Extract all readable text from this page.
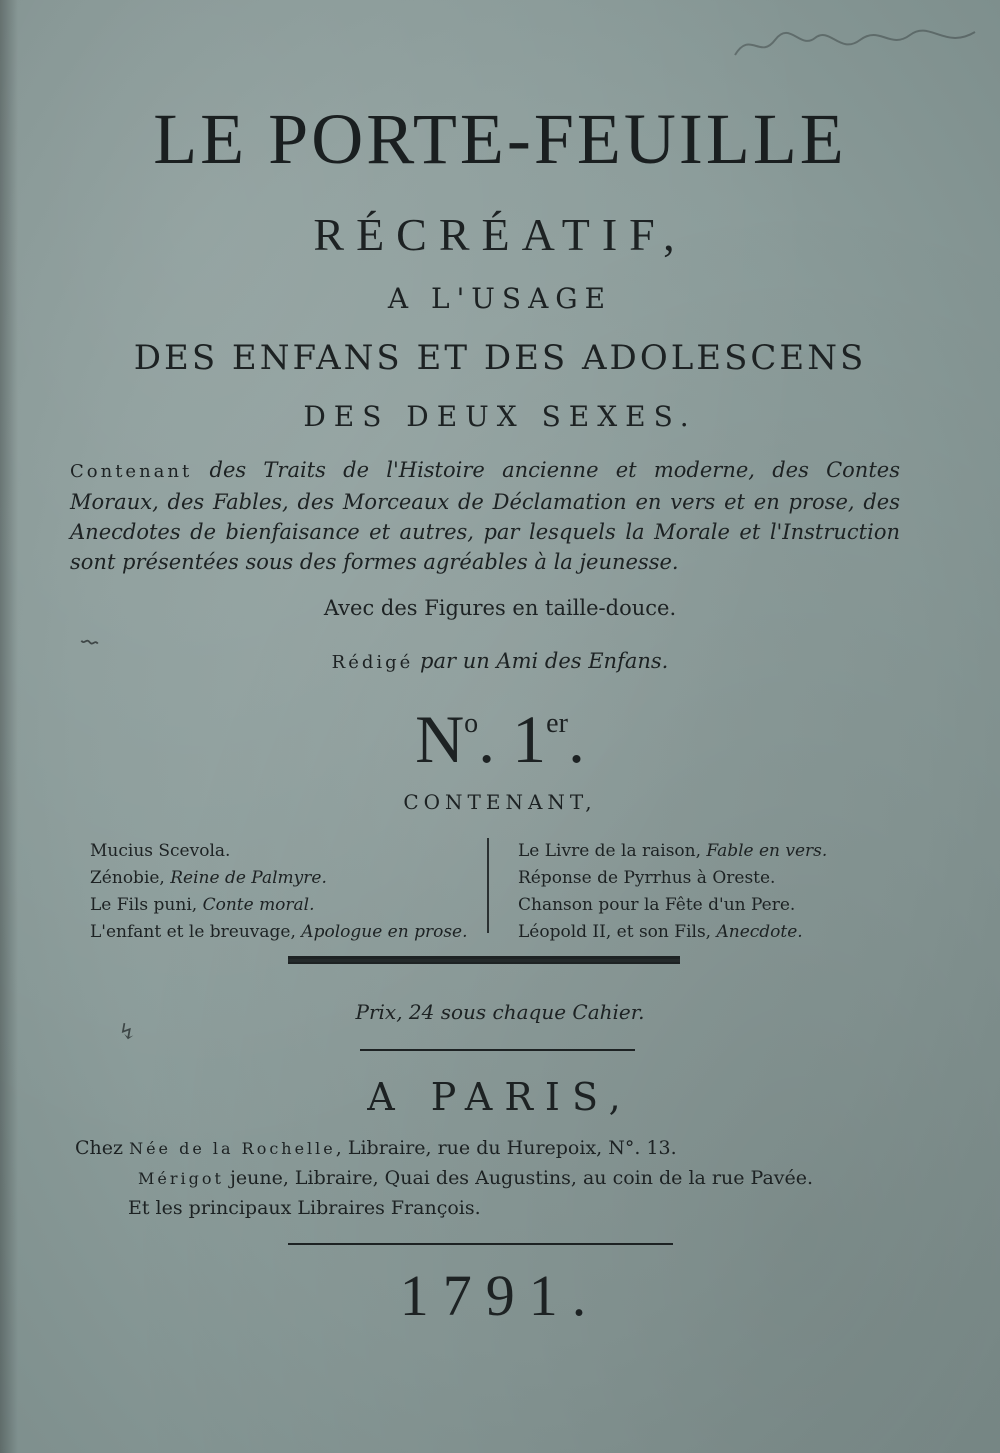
LE PORTE-FEUILLE
RÉCRÉATIF,
A L'USAGE
DES ENFANS ET DES ADOLESCENS
DES DEUX SEXES.
Contenant des Traits de l'Histoire ancienne et moderne, des Contes Moraux, des Fables, des Morceaux de Déclamation en vers et en prose, des Anecdotes de bienfaisance et autres, par lesquels la Morale et l'Instruction sont présentées sous des formes agréables à la jeunesse.
Avec des Figures en taille-douce.
Rédigé par un Ami des Enfans.
⌇
$N^o$. 1er.
CONTENANT,
Mucius Scevola.
Zénobie, Reine de Palmyre.
Le Fils puni, Conte moral.
L'enfant et le breuvage, Apologue en prose.
Le Livre de la raison, Fable en vers.
Réponse de Pyrrhus à Oreste.
Chanson pour la Fête d'un Pere.
Léopold II, et son Fils, Anecdote.
Prix, 24 sous chaque Cahier.
↯
A PARIS,
Chez Née de la Rochelle, Libraire, rue du Hurepoix, N°. 13.
Mérigot jeune, Libraire, Quai des Augustins, au coin de la rue Pavée.
Et les principaux Libraires François.
1791.
